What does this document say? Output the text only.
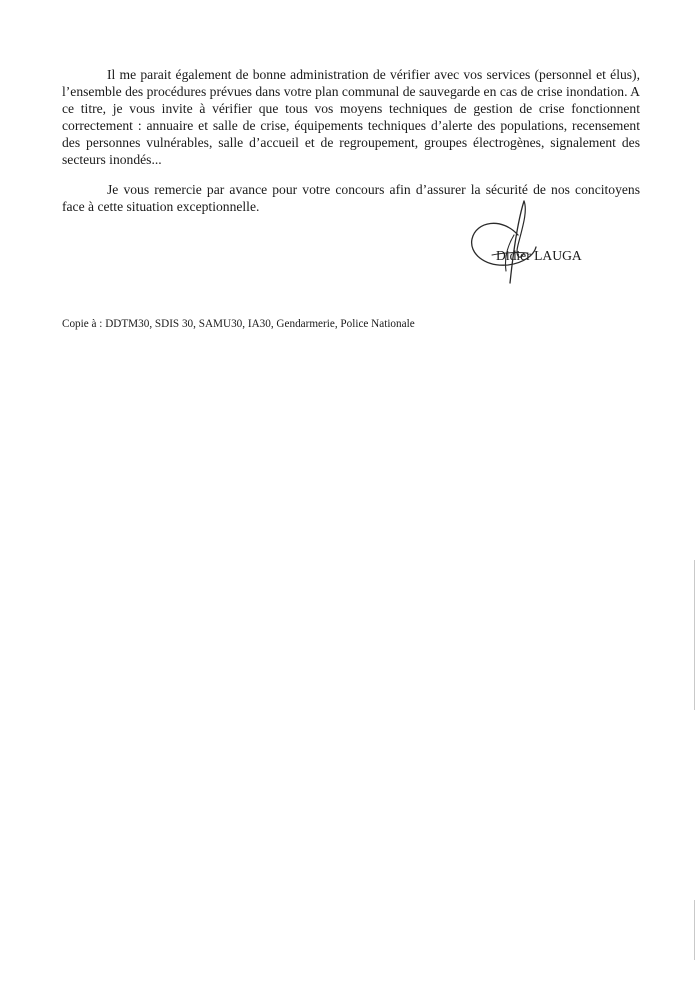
Il me parait également de bonne administration de vérifier avec vos services (personnel et élus), l’ensemble des procédures prévues dans votre plan communal de sauvegarde en cas de crise inondation. A ce titre, je vous invite à vérifier que tous vos moyens techniques de gestion de crise fonctionnent correctement : annuaire et salle de crise, équipements techniques d’alerte des populations, recensement des personnes vulnérables, salle d’accueil et de regroupement, groupes électrogènes, signalement des secteurs inondés...

Je vous remercie par avance pour votre concours afin d’assurer la sécurité de nos concitoyens face à cette situation exceptionnelle.

Didier LAUGA
Copie à : DDTM30, SDIS 30, SAMU30, IA30, Gendarmerie, Police Nationale
